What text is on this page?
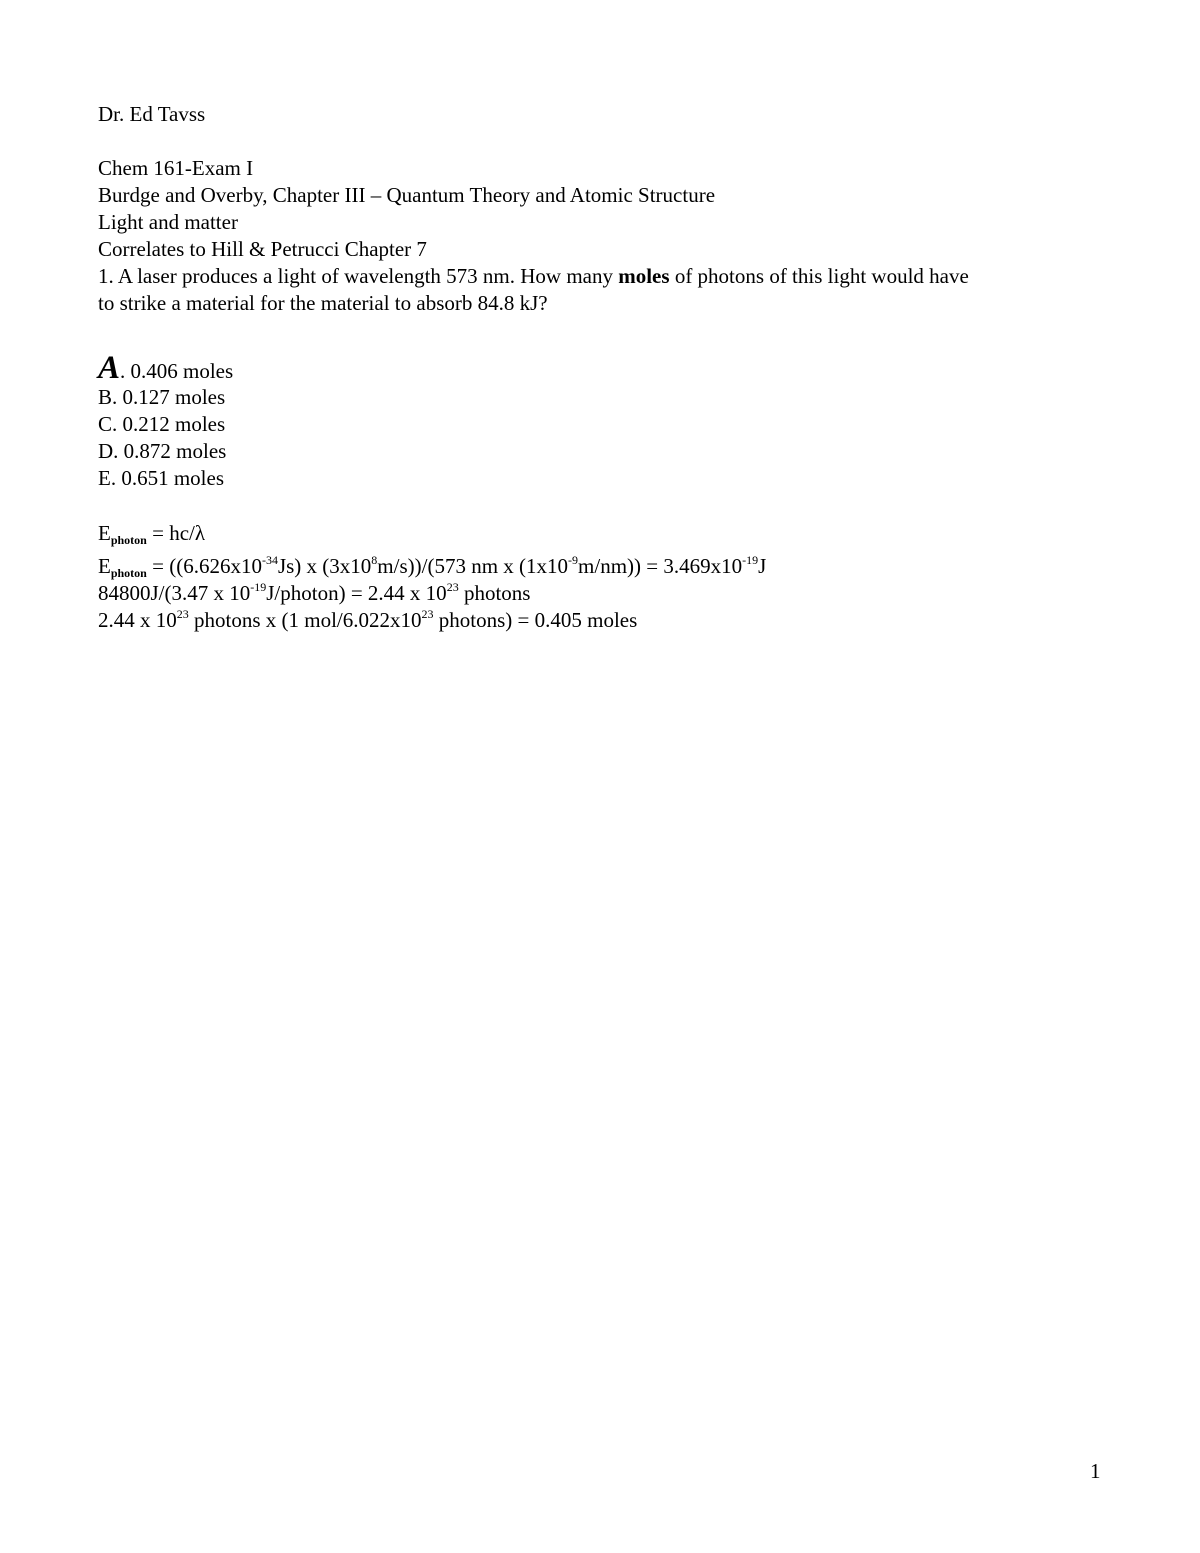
Dr. Ed Tavss
Chem 161-Exam I
Burdge and Overby, Chapter III – Quantum Theory and Atomic Structure
Light and matter
Correlates to Hill & Petrucci Chapter 7
1. A laser produces a light of wavelength 573 nm. How many moles of photons of this light would have
to strike a material for the material to absorb 84.8 kJ?
A. 0.406 moles
B. 0.127 moles
C. 0.212 moles
D. 0.872 moles
E. 0.651 moles
$E_{photon} = hc/\lambda$
$E_{photon} = ((6.626x10^{-34}Js)$ x $(3x10^8m/s))/(573$ nm x $(1x10^{-9}m/nm)) = 3.469x10^{-19}J$
84800J/(3.47 x $10^{-19}J/photon) = 2.44$ x $10^{23}$ photons
2.44 x $10^{23}$ photons x (1 mol/$6.022x10^{23}$ photons) = 0.405 moles
1
